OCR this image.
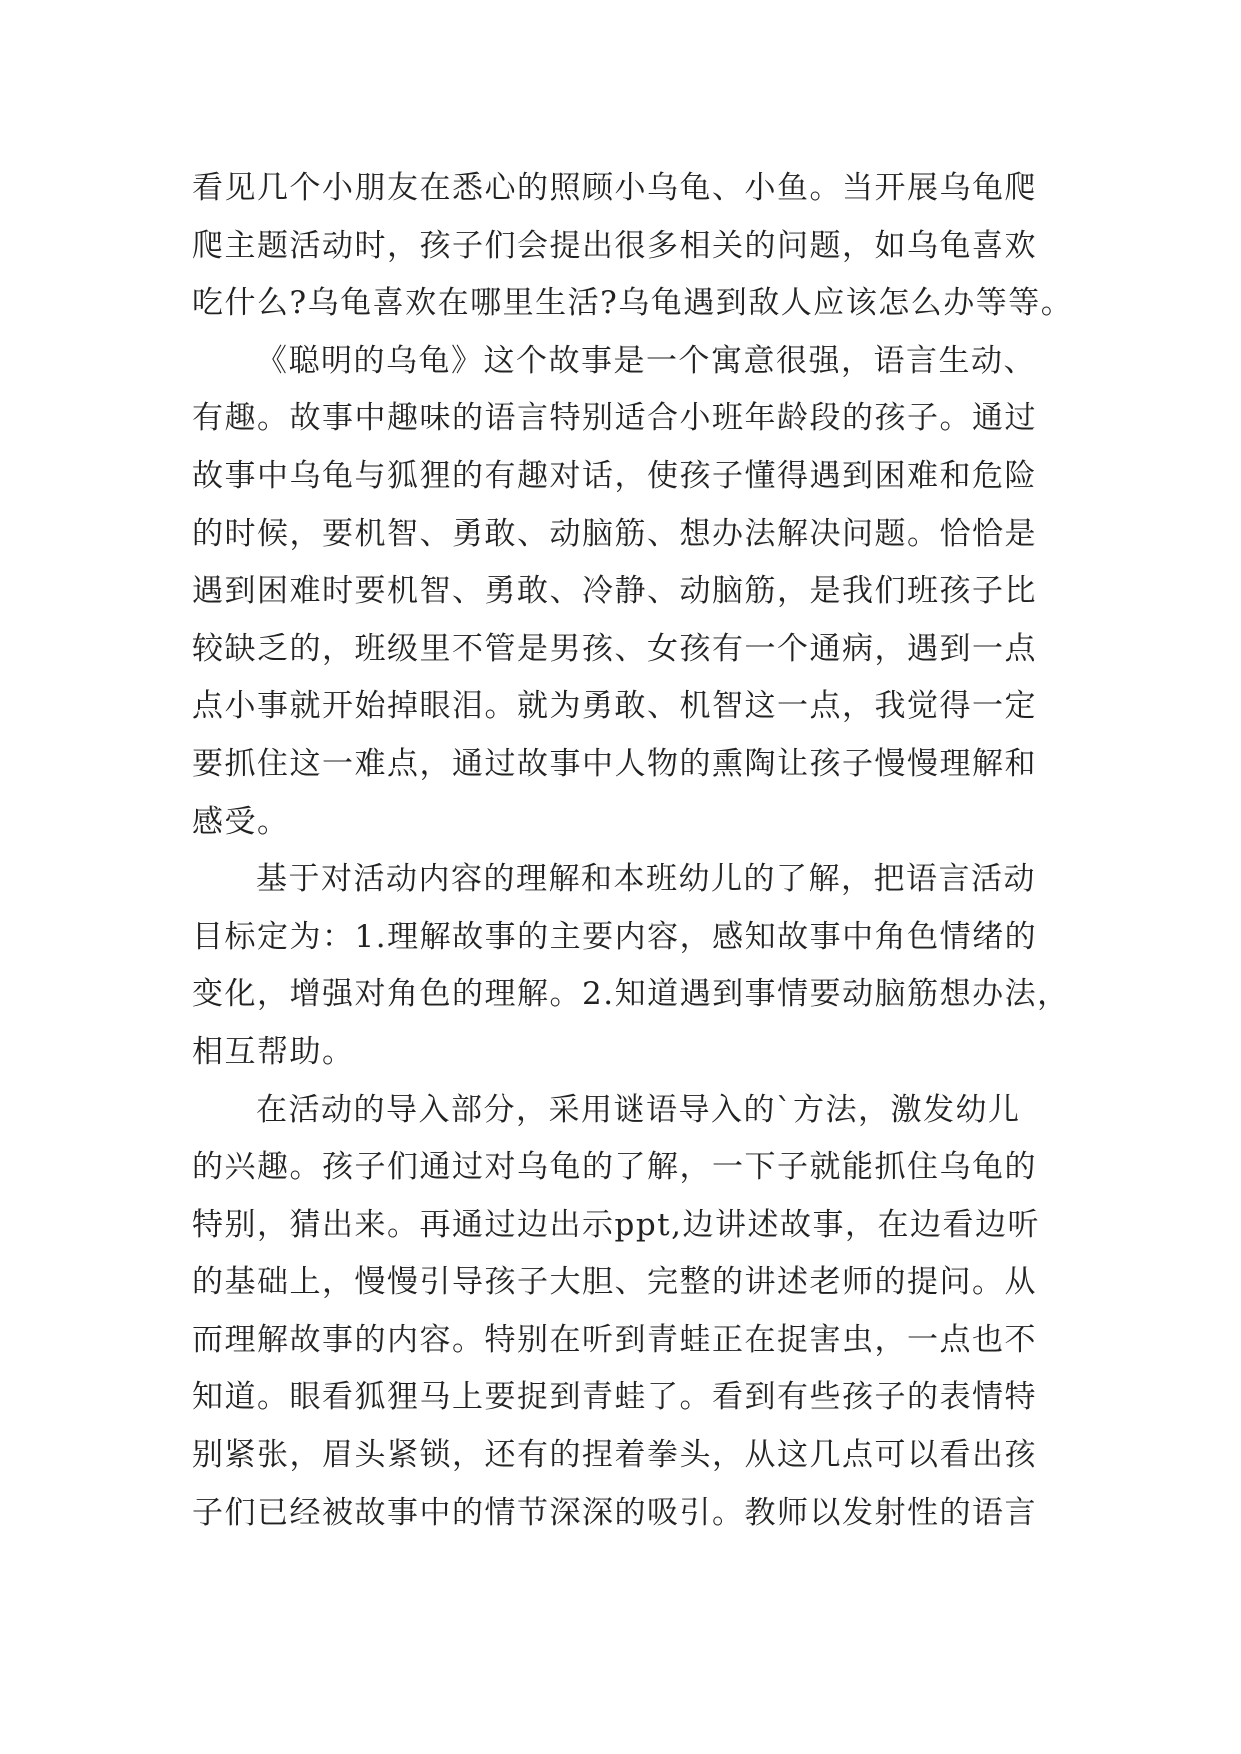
看见几个小朋友在悉心的照顾小乌龟、小鱼。当开展乌龟爬
爬主题活动时，孩子们会提出很多相关的问题，如乌龟喜欢
吃什么?乌龟喜欢在哪里生活?乌龟遇到敌人应该怎么办等等。
《聪明的乌龟》这个故事是一个寓意很强，语言生动、
有趣。故事中趣味的语言特别适合小班年龄段的孩子。通过
故事中乌龟与狐狸的有趣对话，使孩子懂得遇到困难和危险
的时候，要机智、勇敢、动脑筋、想办法解决问题。恰恰是
遇到困难时要机智、勇敢、冷静、动脑筋，是我们班孩子比
较缺乏的，班级里不管是男孩、女孩有一个通病，遇到一点
点小事就开始掉眼泪。就为勇敢、机智这一点，我觉得一定
要抓住这一难点，通过故事中人物的熏陶让孩子慢慢理解和
感受。
基于对活动内容的理解和本班幼儿的了解，把语言活动
目标定为：1.理解故事的主要内容，感知故事中角色情绪的
变化，增强对角色的理解。2.知道遇到事情要动脑筋想办法，
相互帮助。
在活动的导入部分，采用谜语导入的`方法，激发幼儿
的兴趣。孩子们通过对乌龟的了解，一下子就能抓住乌龟的
特别，猜出来。再通过边出示ppt,边讲述故事，在边看边听
的基础上，慢慢引导孩子大胆、完整的讲述老师的提问。从
而理解故事的内容。特别在听到青蛙正在捉害虫，一点也不
知道。眼看狐狸马上要捉到青蛙了。看到有些孩子的表情特
别紧张，眉头紧锁，还有的捏着拳头，从这几点可以看出孩
子们已经被故事中的情节深深的吸引。教师以发射性的语言
